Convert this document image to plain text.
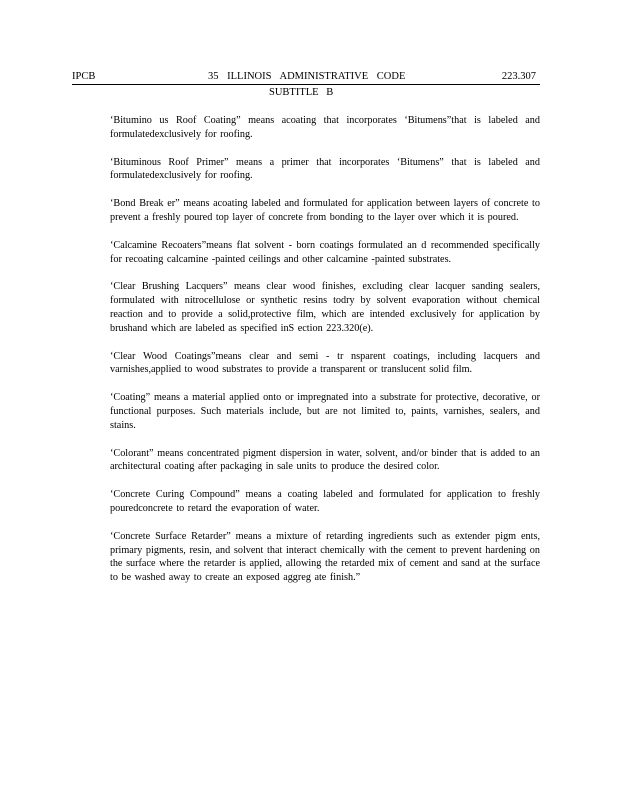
IPCB	35 ILLINOIS ADMINISTRATIVE CODE	223.307
SUBTITLE B

‘Bitumino us Roof Coating” means acoating that incorporates ‘Bitumens”that is labeled and formulatedexclusively for roofing.

‘Bituminous Roof Primer” means a primer that incorporates ‘Bitumens” that is labeled and formulatedexclusively for roofing.

‘Bond Break er” means acoating labeled and formulated for application between layers of concrete to prevent a freshly poured top layer of concrete from bonding to the layer over which it is poured.

‘Calcamine Recoaters”means flat solvent - born coatings formulated an d recommended specifically for recoating calcamine -painted ceilings and other calcamine -painted substrates.

‘Clear Brushing Lacquers” means clear wood finishes, excluding clear lacquer sanding sealers, formulated with nitrocellulose or synthetic resins todry by solvent evaporation without chemical reaction and to provide a solid,protective film, which are intended exclusively for application by brushand which are labeled as specified inS ection 223.320(e).

‘Clear Wood Coatings”means clear and semi - tr nsparent coatings, including lacquers and varnishes,applied to wood substrates to provide a transparent or translucent solid film.

‘Coating” means a material applied onto or impregnated into a substrate for protective, decorative, or functional purposes. Such materials include, but are not limited to, paints, varnishes, sealers, and stains.

‘Colorant” means concentrated pigment dispersion in water, solvent, and/or binder that is added to an architectural coating after packaging in sale units to produce the desired color.

‘Concrete Curing Compound” means a coating labeled and formulated for application to freshly pouredconcrete to retard the evaporation of water.

‘Concrete Surface Retarder” means a mixture of retarding ingredients such as extender pigm ents, primary pigments, resin, and solvent that interact chemically with the cement to prevent hardening on the surface where the retarder is applied, allowing the retarded mix of cement and sand at the surface to be washed away to create an exposed aggreg ate finish.”
